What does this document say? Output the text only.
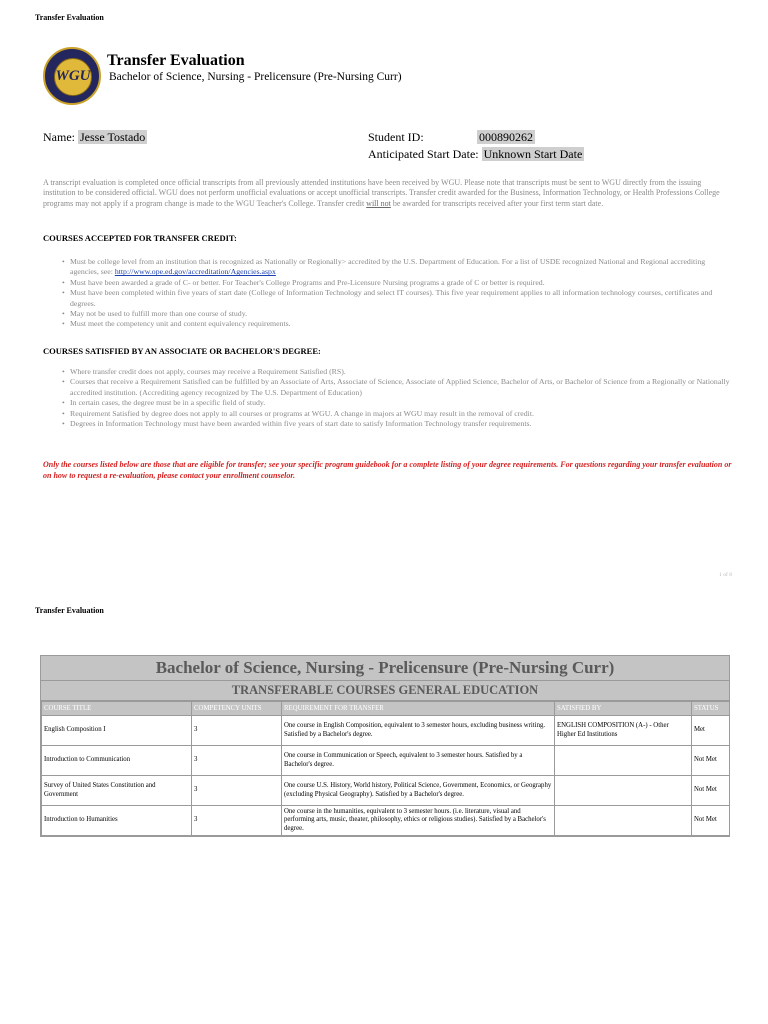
Transfer Evaluation
WGU
Transfer Evaluation
Bachelor of Science, Nursing - Prelicensure (Pre-Nursing Curr)
Name: Jesse Tostado	Student ID:	000890262
Anticipated Start Date: Unknown Start Date
A transcript evaluation is completed once official transcripts from all previously attended institutions have been received by WGU. Please note that transcripts must be sent to WGU directly from the issuing institution to be considered official. WGU does not perform unofficial evaluations or accept unofficial transcripts. Transfer credit awarded for the Business, Information Technology, or Health Professions College programs may not apply if a program change is made to the WGU Teacher's College. Transfer credit will not be awarded for transcripts received after your first term start date.
COURSES ACCEPTED FOR TRANSFER CREDIT:
• Must be college level from an institution that is recognized as Nationally or Regionally> accredited by the U.S. Department of Education. For a list of USDE recognized National and Regional accrediting agencies, see: http://www.ope.ed.gov/accreditation/Agencies.aspx
• Must have been awarded a grade of C- or better. For Teacher's College Programs and Pre-Licensure Nursing programs a grade of C or better is required.
• Must have been completed within five years of start date (College of Information Technology and select IT courses). This five year requirement applies to all information technology courses, certificates and degrees.
• May not be used to fulfill more than one course of study.
• Must meet the competency unit and content equivalency requirements.
COURSES SATISFIED BY AN ASSOCIATE OR BACHELOR'S DEGREE:
• Where transfer credit does not apply, courses may receive a Requirement Satisfied (RS).
• Courses that receive a Requirement Satisfied can be fulfilled by an Associate of Arts, Associate of Science, Associate of Applied Science, Bachelor of Arts, or Bachelor of Science from a Regionally or Nationally accredited institution. (Accrediting agency recognized by The U.S. Department of Education)
• In certain cases, the degree must be in a specific field of study.
• Requirement Satisfied by degree does not apply to all courses or programs at WGU. A change in majors at WGU may result in the removal of credit.
• Degrees in Information Technology must have been awarded within five years of start date to satisfy Information Technology transfer requirements.
Only the courses listed below are those that are eligible for transfer; see your specific program guidebook for a complete listing of your degree requirements. For questions regarding your transfer evaluation or on how to request a re-evaluation, please contact your enrollment counselor.
1 of 8
Transfer Evaluation
Bachelor of Science, Nursing - Prelicensure (Pre-Nursing Curr)
TRANSFERABLE COURSES GENERAL EDUCATION
COURSE TITLE	COMPETENCY UNITS	REQUIREMENT FOR TRANSFER	SATISFIED BY	STATUS
English Composition I	3	One course in English Composition, equivalent to 3 semester hours, excluding business writing. Satisfied by a Bachelor's degree.	ENGLISH COMPOSITION (A-) - Other Higher Ed Institutions	Met
Introduction to Communication	3	One course in Communication or Speech, equivalent to 3 semester hours. Satisfied by a Bachelor's degree.		Not Met
Survey of United States Constitution and Government	3	One course U.S. History, World history, Political Science, Government, Economics, or Geography (excluding Physical Geography). Satisfied by a Bachelor's degree.		Not Met
Introduction to Humanities	3	One course in the humanities, equivalent to 3 semester hours. (i.e. literature, visual and performing arts, music, theater, philosophy, ethics or religious studies). Satisfied by a Bachelor's degree.		Not Met
